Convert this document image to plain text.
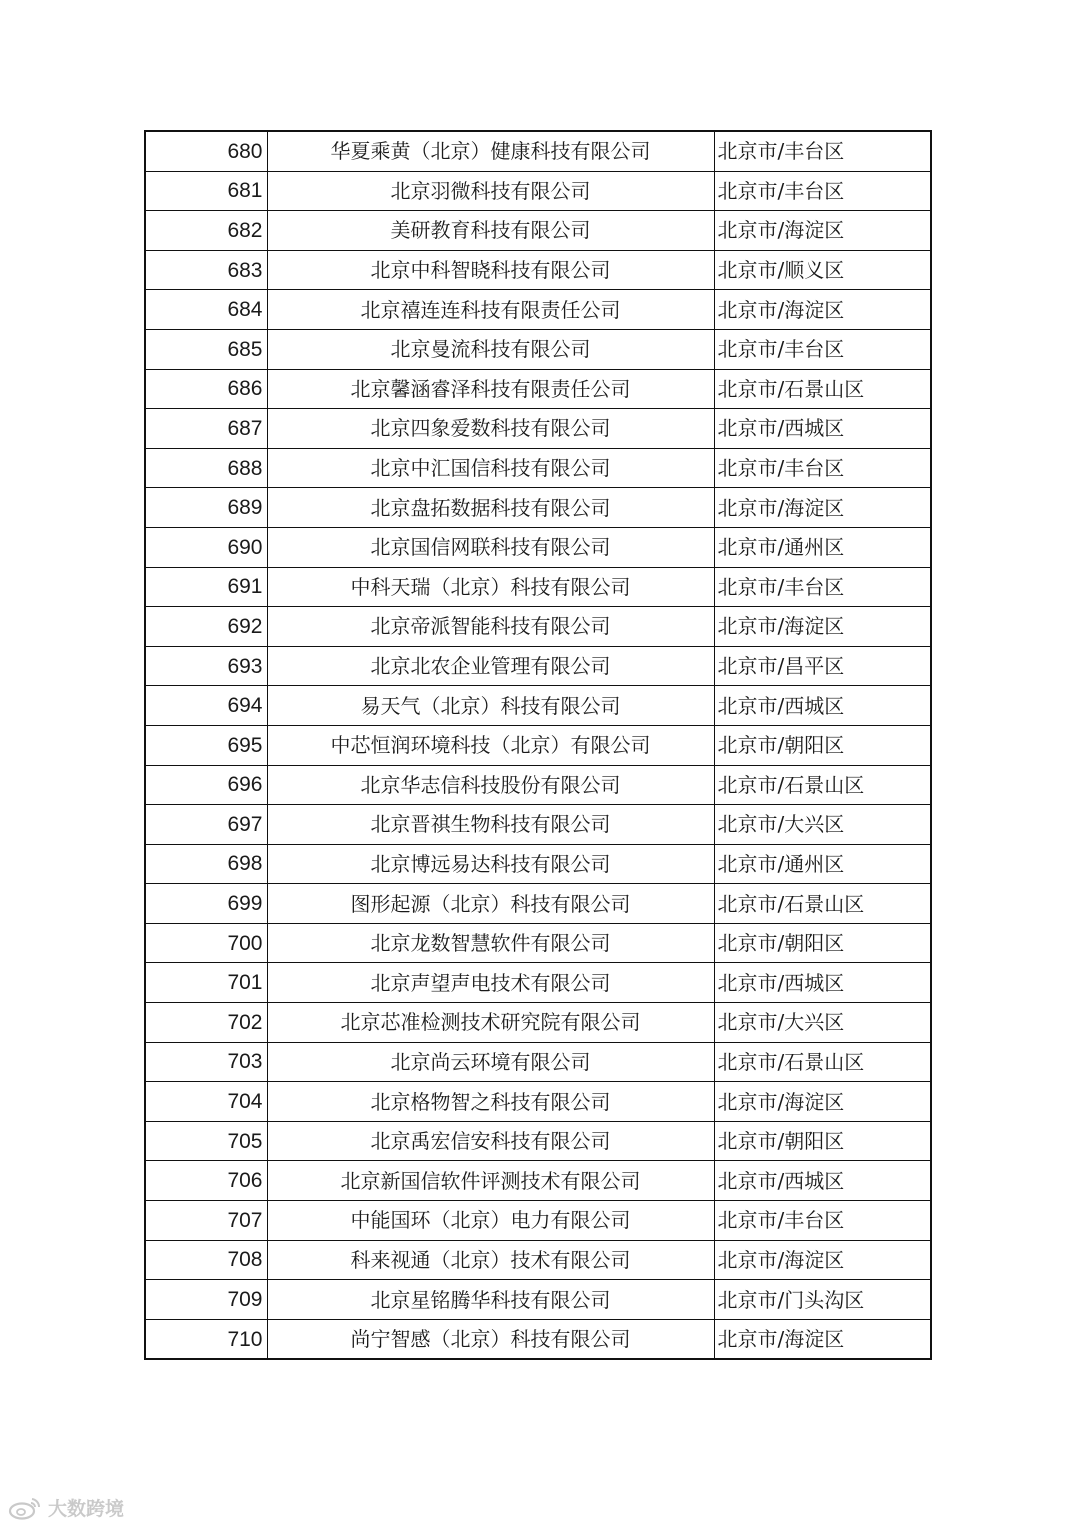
680	华夏乘黄（北京）健康科技有限公司	北京市/丰台区
681	北京羽微科技有限公司	北京市/丰台区
682	美研教育科技有限公司	北京市/海淀区
683	北京中科智晓科技有限公司	北京市/顺义区
684	北京禧连连科技有限责任公司	北京市/海淀区
685	北京曼流科技有限公司	北京市/丰台区
686	北京馨涵睿泽科技有限责任公司	北京市/石景山区
687	北京四象爱数科技有限公司	北京市/西城区
688	北京中汇国信科技有限公司	北京市/丰台区
689	北京盘拓数据科技有限公司	北京市/海淀区
690	北京国信网联科技有限公司	北京市/通州区
691	中科天瑞（北京）科技有限公司	北京市/丰台区
692	北京帝派智能科技有限公司	北京市/海淀区
693	北京北农企业管理有限公司	北京市/昌平区
694	易天气（北京）科技有限公司	北京市/西城区
695	中芯恒润环境科技（北京）有限公司	北京市/朝阳区
696	北京华志信科技股份有限公司	北京市/石景山区
697	北京晋祺生物科技有限公司	北京市/大兴区
698	北京博远易达科技有限公司	北京市/通州区
699	图形起源（北京）科技有限公司	北京市/石景山区
700	北京龙数智慧软件有限公司	北京市/朝阳区
701	北京声望声电技术有限公司	北京市/西城区
702	北京芯准检测技术研究院有限公司	北京市/大兴区
703	北京尚云环境有限公司	北京市/石景山区
704	北京格物智之科技有限公司	北京市/海淀区
705	北京禹宏信安科技有限公司	北京市/朝阳区
706	北京新国信软件评测技术有限公司	北京市/西城区
707	中能国环（北京）电力有限公司	北京市/丰台区
708	科来视通（北京）技术有限公司	北京市/海淀区
709	北京星铭腾华科技有限公司	北京市/门头沟区
710	尚宁智感（北京）科技有限公司	北京市/海淀区
大数跨境
